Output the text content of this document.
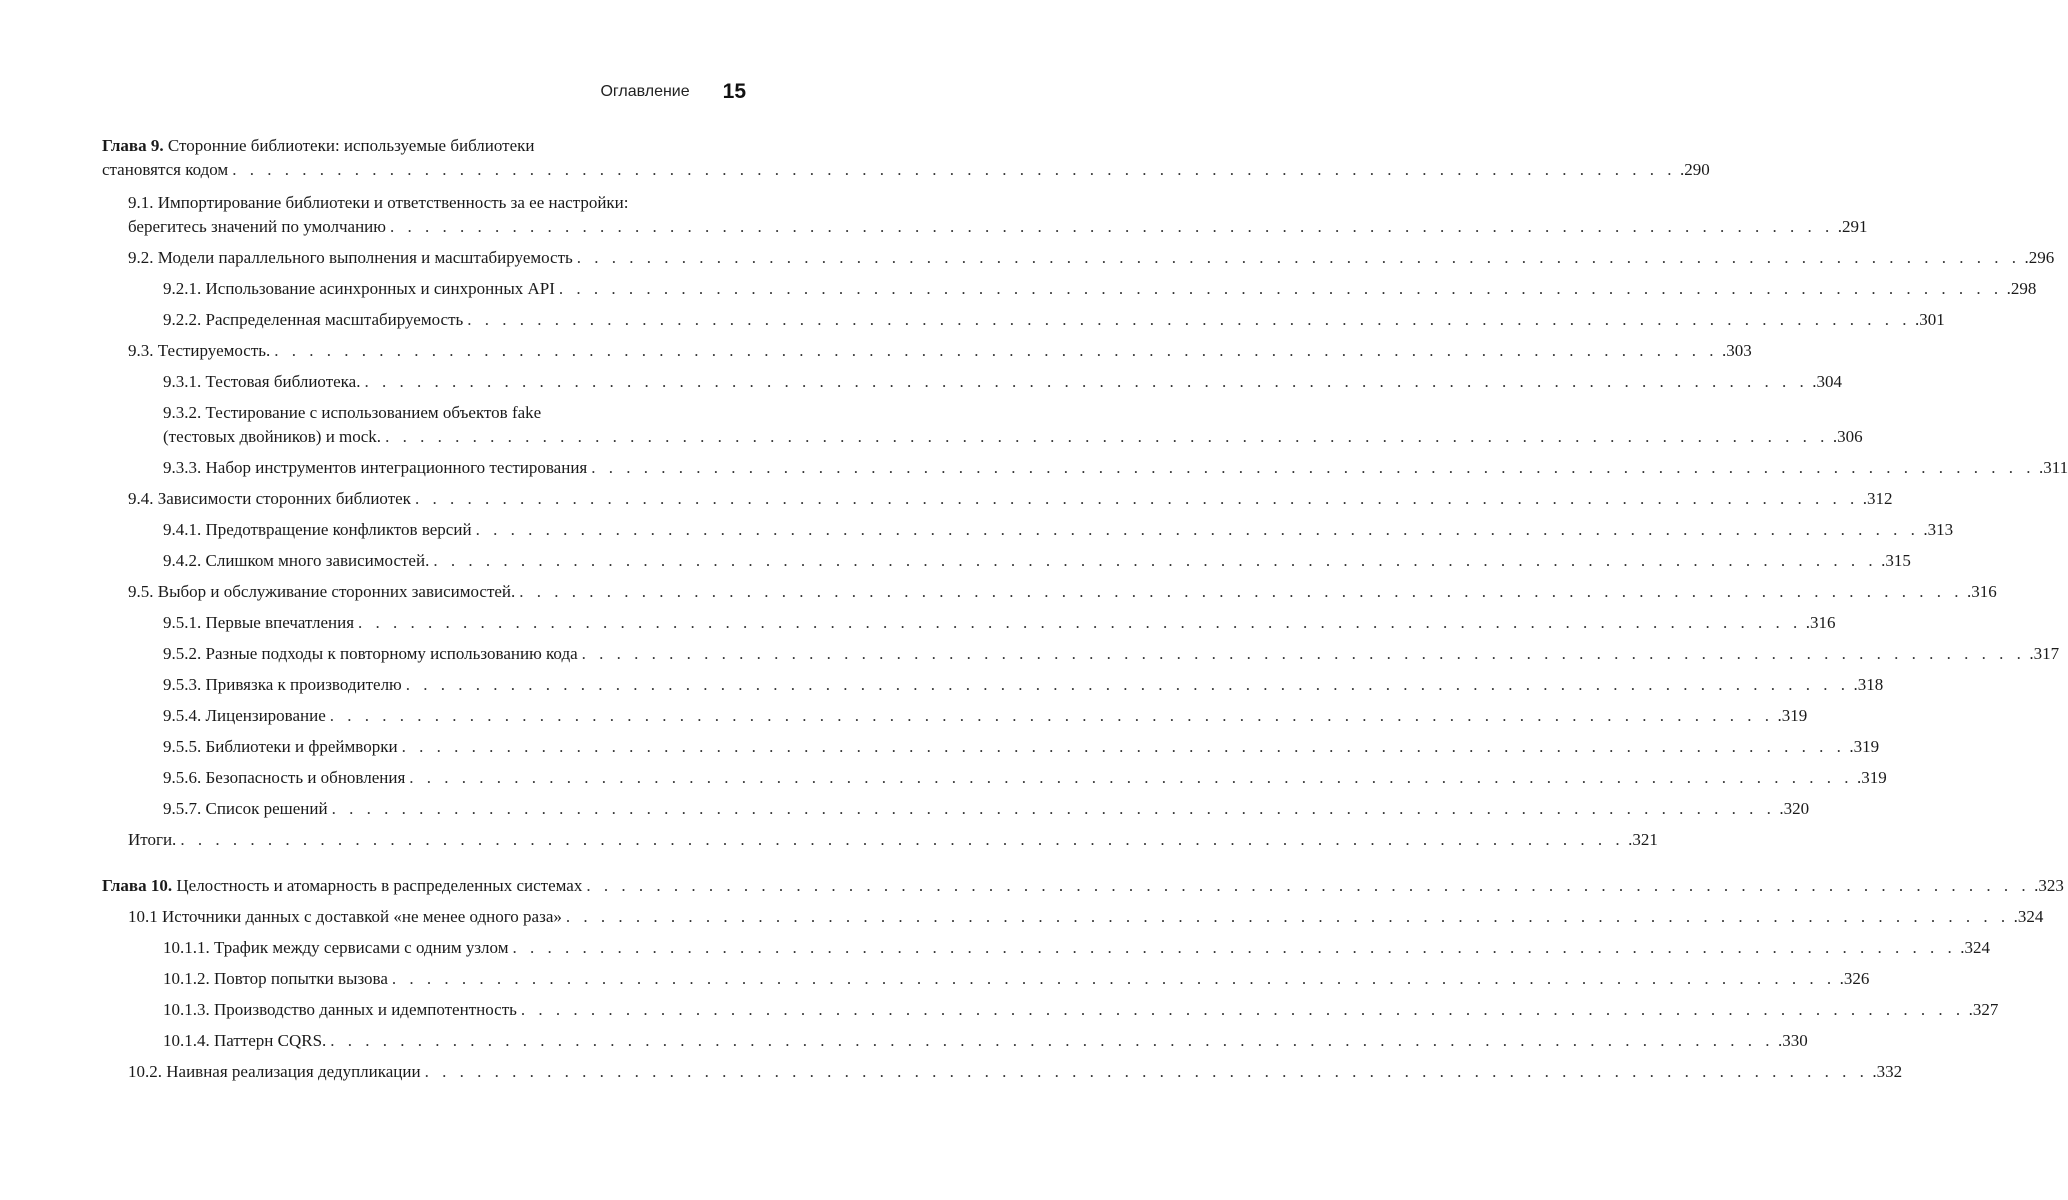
Оглавление 15
Глава 9. Сторонние библиотеки: используемые библиотеки
становятся кодом . . . . . . . . . . . . . . . . . . . . . . . . . . . . . . . . . . . . . . . . . . . . . . . . . . . . . . . . . . . . . . . . . . . . . . . . . . . . . . . . . . . .290
9.1. Импортирование библиотеки и ответственность за ее настройки:
берегитесь значений по умолчанию . . . . . . . . . . . . . . . . . . . . . . . . . . . . . . . . . . . . . . . . . . . . . . . . . . . . . . . . . . . . . . . . . . . . . . . . . . . . . . . . . . . .291
9.2. Модели параллельного выполнения и масштабируемость . . . . . . . . . . . . . . . . . . . . . . . . . . . . . . . . . . . . . . . . . . . . . . . . . . . . . . . . . . . . . . . . . . . . . . . . . . . . . . . . . . . .296
9.2.1. Использование асинхронных и синхронных API . . . . . . . . . . . . . . . . . . . . . . . . . . . . . . . . . . . . . . . . . . . . . . . . . . . . . . . . . . . . . . . . . . . . . . . . . . . . . . . . . . . .298
9.2.2. Распределенная масштабируемость . . . . . . . . . . . . . . . . . . . . . . . . . . . . . . . . . . . . . . . . . . . . . . . . . . . . . . . . . . . . . . . . . . . . . . . . . . . . . . . . . . . .301
9.3. Тестируемость. . . . . . . . . . . . . . . . . . . . . . . . . . . . . . . . . . . . . . . . . . . . . . . . . . . . . . . . . . . . . . . . . . . . . . . . . . . . . . . . . . . . .303
9.3.1. Тестовая библиотека. . . . . . . . . . . . . . . . . . . . . . . . . . . . . . . . . . . . . . . . . . . . . . . . . . . . . . . . . . . . . . . . . . . . . . . . . . . . . . . . . . . . .304
9.3.2. Тестирование с использованием объектов fake
(тестовых двойников) и mock. . . . . . . . . . . . . . . . . . . . . . . . . . . . . . . . . . . . . . . . . . . . . . . . . . . . . . . . . . . . . . . . . . . . . . . . . . . . . . . . . . . . .306
9.3.3. Набор инструментов интеграционного тестирования . . . . . . . . . . . . . . . . . . . . . . . . . . . . . . . . . . . . . . . . . . . . . . . . . . . . . . . . . . . . . . . . . . . . . . . . . . . . . . . . . . . .311
9.4. Зависимости сторонних библиотек . . . . . . . . . . . . . . . . . . . . . . . . . . . . . . . . . . . . . . . . . . . . . . . . . . . . . . . . . . . . . . . . . . . . . . . . . . . . . . . . . . . .312
9.4.1. Предотвращение конфликтов версий . . . . . . . . . . . . . . . . . . . . . . . . . . . . . . . . . . . . . . . . . . . . . . . . . . . . . . . . . . . . . . . . . . . . . . . . . . . . . . . . . . . .313
9.4.2. Слишком много зависимостей. . . . . . . . . . . . . . . . . . . . . . . . . . . . . . . . . . . . . . . . . . . . . . . . . . . . . . . . . . . . . . . . . . . . . . . . . . . . . . . . . . . . .315
9.5. Выбор и обслуживание сторонних зависимостей. . . . . . . . . . . . . . . . . . . . . . . . . . . . . . . . . . . . . . . . . . . . . . . . . . . . . . . . . . . . . . . . . . . . . . . . . . . . . . . . . . . . .316
9.5.1. Первые впечатления . . . . . . . . . . . . . . . . . . . . . . . . . . . . . . . . . . . . . . . . . . . . . . . . . . . . . . . . . . . . . . . . . . . . . . . . . . . . . . . . . . . .316
9.5.2. Разные подходы к повторному использованию кода . . . . . . . . . . . . . . . . . . . . . . . . . . . . . . . . . . . . . . . . . . . . . . . . . . . . . . . . . . . . . . . . . . . . . . . . . . . . . . . . . . . .317
9.5.3. Привязка к производителю . . . . . . . . . . . . . . . . . . . . . . . . . . . . . . . . . . . . . . . . . . . . . . . . . . . . . . . . . . . . . . . . . . . . . . . . . . . . . . . . . . . .318
9.5.4. Лицензирование . . . . . . . . . . . . . . . . . . . . . . . . . . . . . . . . . . . . . . . . . . . . . . . . . . . . . . . . . . . . . . . . . . . . . . . . . . . . . . . . . . . .319
9.5.5. Библиотеки и фреймворки . . . . . . . . . . . . . . . . . . . . . . . . . . . . . . . . . . . . . . . . . . . . . . . . . . . . . . . . . . . . . . . . . . . . . . . . . . . . . . . . . . . .319
9.5.6. Безопасность и обновления . . . . . . . . . . . . . . . . . . . . . . . . . . . . . . . . . . . . . . . . . . . . . . . . . . . . . . . . . . . . . . . . . . . . . . . . . . . . . . . . . . . .319
9.5.7. Список решений . . . . . . . . . . . . . . . . . . . . . . . . . . . . . . . . . . . . . . . . . . . . . . . . . . . . . . . . . . . . . . . . . . . . . . . . . . . . . . . . . . . .320
Итоги. . . . . . . . . . . . . . . . . . . . . . . . . . . . . . . . . . . . . . . . . . . . . . . . . . . . . . . . . . . . . . . . . . . . . . . . . . . . . . . . . . . . .321
Глава 10. Целостность и атомарность в распределенных системах . . . . . . . . . . . . . . . . . . . . . . . . . . . . . . . . . . . . . . . . . . . . . . . . . . . . . . . . . . . . . . . . . . . . . . . . . . . . . . . . . . . .323
10.1 Источники данных с доставкой «не менее одного раза» . . . . . . . . . . . . . . . . . . . . . . . . . . . . . . . . . . . . . . . . . . . . . . . . . . . . . . . . . . . . . . . . . . . . . . . . . . . . . . . . . . . .324
10.1.1. Трафик между сервисами с одним узлом . . . . . . . . . . . . . . . . . . . . . . . . . . . . . . . . . . . . . . . . . . . . . . . . . . . . . . . . . . . . . . . . . . . . . . . . . . . . . . . . . . . .324
10.1.2. Повтор попытки вызова . . . . . . . . . . . . . . . . . . . . . . . . . . . . . . . . . . . . . . . . . . . . . . . . . . . . . . . . . . . . . . . . . . . . . . . . . . . . . . . . . . . .326
10.1.3. Производство данных и идемпотентность . . . . . . . . . . . . . . . . . . . . . . . . . . . . . . . . . . . . . . . . . . . . . . . . . . . . . . . . . . . . . . . . . . . . . . . . . . . . . . . . . . . .327
10.1.4. Паттерн CQRS. . . . . . . . . . . . . . . . . . . . . . . . . . . . . . . . . . . . . . . . . . . . . . . . . . . . . . . . . . . . . . . . . . . . . . . . . . . . . . . . . . . . .330
10.2. Наивная реализация дедупликации . . . . . . . . . . . . . . . . . . . . . . . . . . . . . . . . . . . . . . . . . . . . . . . . . . . . . . . . . . . . . . . . . . . . . . . . . . . . . . . . . . . .332
